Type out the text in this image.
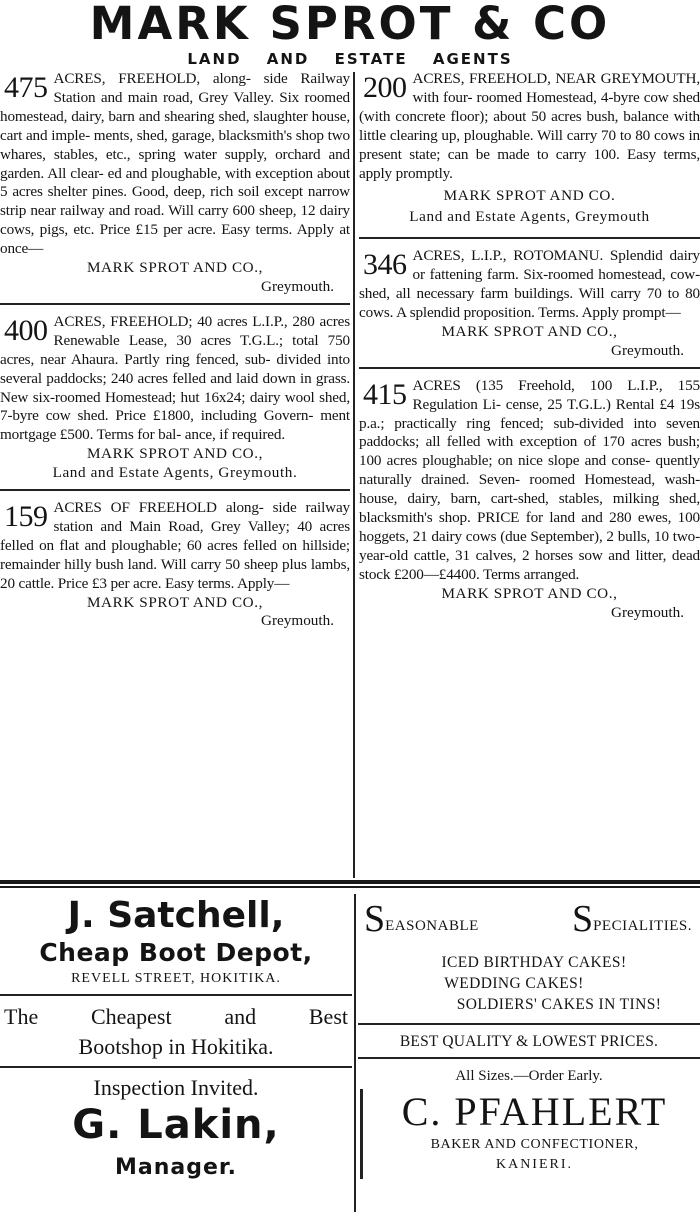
MARK SPROT & CO
LAND AND ESTATE AGENTS
475 ACRES, FREEHOLD, along- side Railway Station and main road, Grey Valley. Six roomed homestead, dairy, barn and shearing shed, slaughter house, cart and imple- ments, shed, garage, blacksmith's shop two whares, stables, etc., spring water supply, orchard and garden. All clear- ed and ploughable, with exception about 5 acres shelter pines. Good, deep, rich soil except narrow strip near railway and road. Will carry 600 sheep, 12 dairy cows, pigs, etc. Price £15 per acre. Easy terms. Apply at once—

MARK SPROT AND CO.,
Greymouth.
400 ACRES, FREEHOLD; 40 acres L.I.P., 280 acres Renewable Lease, 30 acres T.G.L.; total 750 acres, near Ahaura. Partly ring fenced, sub- divided into several paddocks; 240 acres felled and laid down in grass. New six-roomed Homestead; hut 16x24; dairy wool shed, 7-byre cow shed. Price £1800, including Govern- ment mortgage £500. Terms for bal- ance, if required.

MARK SPROT AND CO.,
Land and Estate Agents, Greymouth.
159 ACRES OF FREEHOLD along- side railway station and Main Road, Grey Valley; 40 acres felled on flat and ploughable; 60 acres felled on hillside; remainder hilly bush land. Will carry 50 sheep plus lambs, 20 cattle. Price £3 per acre. Easy terms. Apply—

MARK SPROT AND CO.,
Greymouth.
200 ACRES, FREEHOLD, NEAR GREYMOUTH, with four- roomed Homestead, 4-byre cow shed (with concrete floor); about 50 acres bush, balance with little clearing up, ploughable. Will carry 70 to 80 cows in present state; can be made to carry 100. Easy terms, apply promptly.

MARK SPROT AND CO.
Land and Estate Agents, Greymouth
346 ACRES, L.I.P., ROTOMANU. Splendid dairy or fattening farm. Six-roomed homestead, cow- shed, all necessary farm buildings. Will carry 70 to 80 cows. A splendid proposition. Terms. Apply prompt—

MARK SPROT AND CO.,
Greymouth.
415 ACRES (135 Freehold, 100 L.I.P., 155 Regulation Li- cense, 25 T.G.L.) Rental £4 19s p.a.; practically ring fenced; sub-divided into seven paddocks; all felled with exception of 170 acres bush; 100 acres ploughable; on nice slope and conse- quently naturally drained. Seven- roomed Homestead, wash-house, dairy, barn, cart-shed, stables, milking shed, blacksmith's shop. PRICE for land and 280 ewes, 100 hoggets, 21 dairy cows (due September), 2 bulls, 10 two- year-old cattle, 31 calves, 2 horses sow and litter, dead stock £200—£4400. Terms arranged.

MARK SPROT AND CO.,
Greymouth.
J. Satchell,
Cheap Boot Depot,
REVELL STREET, HOKITIKA.
The Cheapest and Best
Bootshop in Hokitika.
Inspection Invited.
G. Lakin,
Manager.
SEASONABLE SPECIALITIES.
ICED BIRTHDAY CAKES!
WEDDING CAKES!
SOLDIERS' CAKES IN TINS!
BEST QUALITY & LOWEST PRICES.
All Sizes.—Order Early.
C. PFAHLERT
BAKER AND CONFECTIONER,
KANIERI.
